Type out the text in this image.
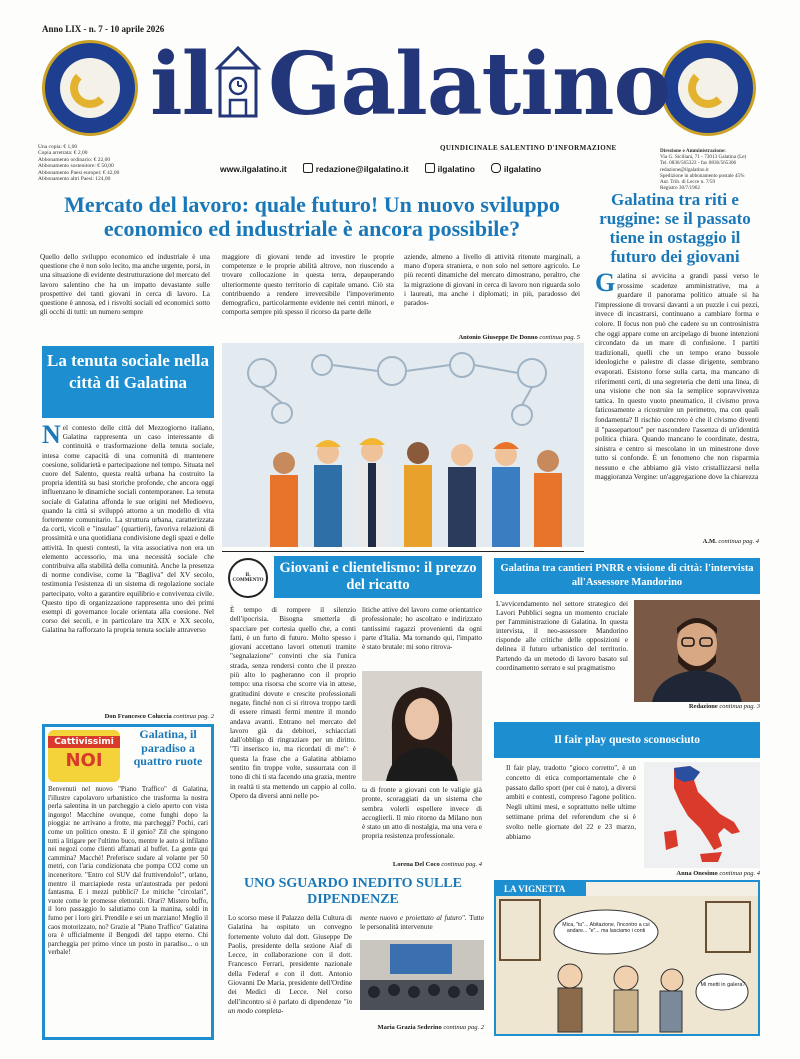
Anno LIX - n. 7 - 10 aprile 2026
il Galatino
QUINDICINALE SALENTINO D'INFORMAZIONE
Una copia: € 1,00
Copia arretrata: € 2,00
Abbonamento ordinario: € 22,00
Abbonamento sostenitore: € 50,00
Abbonamento Paesi europei: € 42,00
Abbonamento altri Paesi: 124,00
Direzione e Amministrazione:
Via G. Siciliani, 71 - 73013 Galatina (Le)
Tel. 0836/565323 - fax 0836/565306
redazione@ilgalatino.it
Spedizione in abbonamento postale 45%
Aut. Trib. di Lecce n. 7/59
Registro 30/7/1962
www.ilgalatino.it	redazione@ilgalatino.it	ilgalatino	ilgalatino
Mercato del lavoro: quale futuro! Un nuovo sviluppo economico ed industriale è ancora possibile?
Quello dello sviluppo economico ed industriale è una questione che è non solo lecito, ma anche urgente, porsi, in una situazione di evidente destrutturazione del mercato del lavoro salentino che ha un impatto devastante sulle prospettive dei tanti giovani in cerca di lavoro. La questione è annosa, ed i risvolti sociali ed economici sotto gli occhi di tutti: un numero sempre
maggiore di giovani tende ad investire le proprie competenze e le proprie abilità altrove, non riuscendo a trovare collocazione in questa terra, depauperando ulteriormente questo territorio di capitale umano. Ciò sta contribuendo a rendere irreversibile l'impoverimento demografico, particolarmente evidente nei centri minori, e comporta sempre più spesso il ricorso da parte delle
aziende, almeno a livello di attività ritenute marginali, a mano d'opera straniera, e non solo nel settore agricolo. Le più recenti dinamiche del mercato dimostrano, peraltro, che la migrazione di giovani in cerca di lavoro non riguarda solo i laureati, ma anche i diplomati; in più, paradosso dei parados-
Antonio Giuseppe De Donno continua pag. 5
Galatina tra riti e ruggine: se il passato tiene in ostaggio il futuro dei giovani
Galatina si avvicina a grandi passi verso le prossime scadenze amministrative, ma a guardare il panorama politico attuale si ha l'impressione di trovarsi davanti a un puzzle i cui pezzi, invece di incastrarsi, continuano a cambiare forma e colore. Il focus non può che cadere su un controsinistra che oggi appare come un arcipelago di buone intenzioni circondato da un mare di confusione. I partiti tradizionali, quelli che un tempo erano bussole ideologiche e palestre di classe dirigente, sembrano evaporati. Esistono forse sulla carta, ma mancano di riferimenti certi, di una segreteria che detti una linea, di una visione che non sia la semplice sopravvivenza tattica. In questo vuoto pneumatico, il civismo prova faticosamente a ricostruire un perimetro, ma con quali fondamenta? Il rischio concreto è che il civismo diventi il "passepartout" per nascondere l'assenza di un'identità politica chiara. Quando mancano le coordinate, destra, sinistra e centro si mescolano in un minestrone dove tutto si confonde. È un fenomeno che non risparmia nessuno e che abbiamo già visto cristallizzarsi nella maggioranza Vergine: un'aggregazione dove la chiarezza
A.M. continua pag. 4
La tenuta sociale nella città di Galatina
Nel contesto delle città del Mezzogiorno italiano, Galatina rappresenta un caso interessante di continuità e trasformazione della tenuta sociale, intesa come capacità di una comunità di mantenere coesione, solidarietà e partecipazione nel tempo. Situata nel cuore del Salento, questa realtà urbana ha costruito la propria identità su basi storiche profonde, che ancora oggi influenzano le dinamiche sociali contemporanee. La tenuta sociale di Galatina affonda le sue origini nel Medioevo, quando la città si sviluppò attorno a un modello di vita fortemente comunitario. La struttura urbana, caratterizzata da corti, vicoli e "insulae" (quartieri), favoriva relazioni di prossimità e una quotidiana condivisione degli spazi e delle attività. In questi contesti, la vita associativa non era un elemento accessorio, ma una necessità sociale che contribuiva alla stabilità della comunità. Anche la presenza di norme condivise, come la "Baglìva" del XV secolo, testimonia l'esistenza di un sistema di regolazione sociale partecipato, volto a garantire equilibrio e convivenza civile. Questo tipo di organizzazione rappresenta uno dei primi esempi di governance locale orientata alla coesione. Nel corso dei secoli, e in particolare tra XIX e XX secolo, Galatina ha rafforzato la propria tenuta sociale attraverso
Don Francesco Coluccia continua pag. 2
IL COMMENTO
Giovani e clientelismo: il prezzo del ricatto
È tempo di rompere il silenzio dell'ipocrisia. Bisogna smetterla di spacciare per cortesia quello che, a conti fatti, è un furto di futuro. Molto spesso i giovani accettano lavori ottenuti tramite "segnalazione" convinti che sia l'unica strada, senza rendersi conto che il prezzo più alto lo pagheranno con il proprio tempo: una risorsa che scorre via in attese, gratitudini dovute e crescite professionali negate, finché non ci si ritrova troppo tardi di essere rimasti fermi mentre il mondo andava avanti. Entrano nel mercato del lavoro già da debitori, schiacciati dall'obbligo di ringraziare per un diritto. "Ti inserisco io, ma ricordati di me": è questa la frase che a Galatina abbiamo sentito fin troppe volte, sussurrata con il tono di chi ti sta facendo una grazia, mentre in realtà ti sta mettendo un cappio al collo. Opero da diversi anni nelle po-
litiche attive del lavoro come orientatrice professionale; ho ascoltato e indirizzato tantissimi ragazzi provenienti da ogni parte d'Italia. Ma tornando qui, l'impatto è stato brutale: mi sono ritrova-
ta di fronte a giovani con le valigie già pronte, scoraggiati da un sistema che sembra volerli espellere invece di accoglierli. Il mio ritorno da Milano non è stato un atto di nostalgia, ma una vera e propria resistenza professionale.
Lorena Del Coco continua pag. 4
Galatina tra cantieri PNRR e visione di città: l'intervista all'Assessore Mandorino
L'avvicendamento nel settore strategico dei Lavori Pubblici segna un momento cruciale per l'amministrazione di Galatina. In questa intervista, il neo-assessore Mandorino risponde alle critiche delle opposizioni e delinea il futuro urbanistico del territorio. Partendo da un metodo di lavoro basato sul coordinamento serrato e sul pragmatismo
Redazione continua pag. 3
Il fair play questo sconosciuto
Il fair play, tradotto "gioco corretto", è un concetto di etica comportamentale che è passato dallo sport (per cui è nato), a diversi ambiti e contesti, compreso l'agone politico. Negli ultimi mesi, e soprattutto nelle ultime settimane prima del referendum che si è svolto nelle giornate del 22 e 23 marzo, abbiamo
Anna Onesimo continua pag. 4
Cattivissimi
NOI
Galatina, il paradiso a quattro ruote
Benvenuti nel nuovo "Piano Traffico" di Galatina, l'illustre capolavoro urbanistico che trasforma la nostra perla salentina in un parcheggio a cielo aperto con vista ingorgo! Macchine ovunque, come funghi dopo la pioggia: ne arrivano a frotte, ma parcheggi? Pochi, cari come un politico onesto. E il genio? Zil che spingono tutti a litigare per l'ultimo buco, mentre le auto si infilano nei negozi come clienti affamati al buffet. La gente qui cammina? Macchè! Preferisce sudare al volante per 50 metri, con l'aria condizionata che pompa CO2 come un inceneritore. "Entro col SUV dal fruttivendolo!", urlano, mentre il marciapiede resta un'autostrada per pedoni fantasma. E i mezzi pubblici? Le mitiche "circolari", vuote come le promesse elettorali. Orari? Mistero buffo, il loro passaggio lo salutiamo con la manina, soldi in fumo per i loro giri. Prendile e sei un marziano! Meglio il caos motorizzato, no? Grazie al "Piano Traffico" Galatina ora è ufficialmente il Bengodi del tappo eterno. Chi parcheggia per primo vince un posto in paradiso... o un verbale!
UNO SGUARDO INEDITO SULLE DIPENDENZE
Lo scorso mese il Palazzo della Cultura di Galatina ha ospitato un convegno fortemente voluto dal dott. Giuseppe De Paolis, presidente della sezione Aiaf di Lecce, in collaborazione con il dott. Francesco Ferrari, presidente nazionale della Federaf e con il dott. Antonio Giovanni De Maria, presidente dell'Ordine dei Medici di Lecce. Nel corso dell'incontro si è parlato di dipendenze "in un modo completa-
mente nuovo e proiettato al futuro". Tutte le personalità intervenute
Maria Grazia Sederino continua pag. 2
LA VIGNETTA
Mica, "tu"... Abitazione, l'incontro a cui andare... "e"... ma lasciamo i conti
Mi metti in galera?
